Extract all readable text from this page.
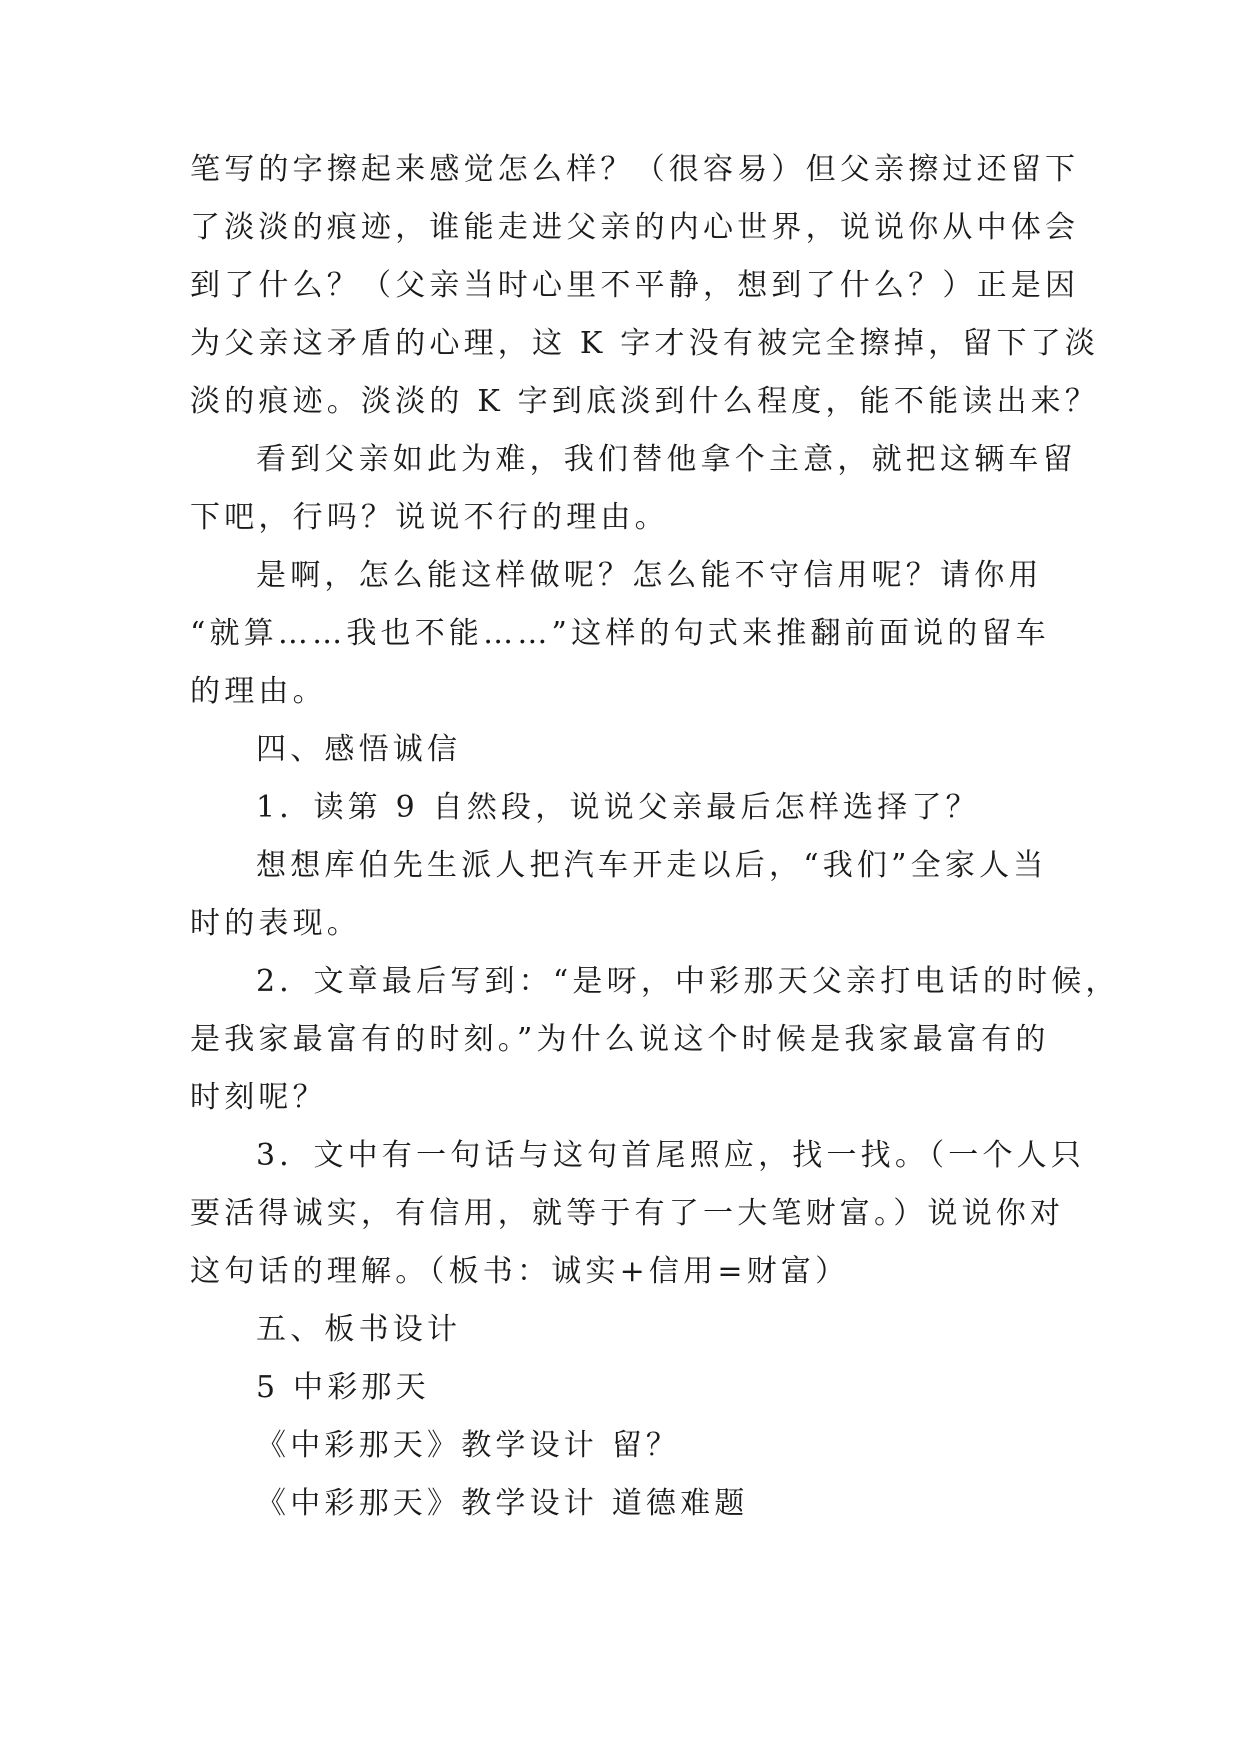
笔写的字擦起来感觉怎么样？（很容易）但父亲擦过还留下
了淡淡的痕迹，谁能走进父亲的内心世界，说说你从中体会
到了什么？（父亲当时心里不平静，想到了什么？）正是因
为父亲这矛盾的心理，这 K 字才没有被完全擦掉，留下了淡
淡的痕迹。淡淡的 K 字到底淡到什么程度，能不能读出来？
看到父亲如此为难，我们替他拿个主意，就把这辆车留
下吧，行吗？说说不行的理由。
是啊，怎么能这样做呢？怎么能不守信用呢？请你用
“就算……我也不能……”这样的句式来推翻前面说的留车
的理由。
四、感悟诚信
1．读第 9 自然段，说说父亲最后怎样选择了？
想想库伯先生派人把汽车开走以后，“我们”全家人当
时的表现。
2．文章最后写到：“是呀，中彩那天父亲打电话的时候，
是我家最富有的时刻。”为什么说这个时候是我家最富有的
时刻呢？
3．文中有一句话与这句首尾照应，找一找。（一个人只
要活得诚实，有信用，就等于有了一大笔财富。）说说你对
这句话的理解。（板书：诚实+信用=财富）
五、板书设计
5 中彩那天
《中彩那天》教学设计 留？
《中彩那天》教学设计 道德难题
